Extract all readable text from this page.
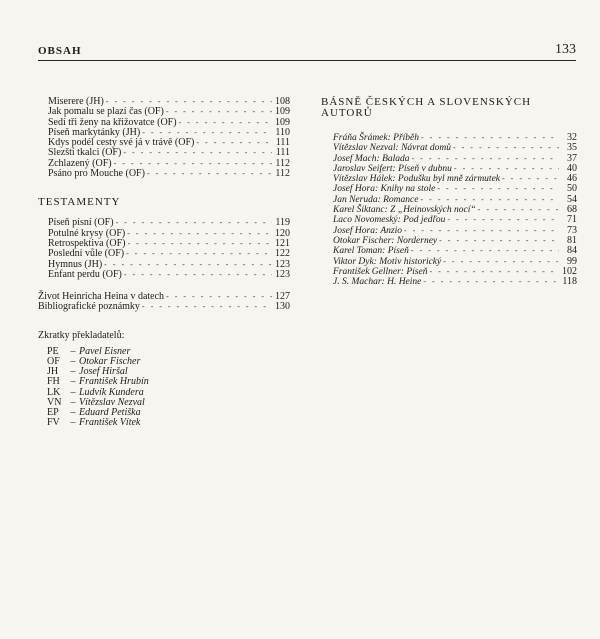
OBSAH	133
Miserere (JH) - - -	108
Jak pomalu se plazí čas (OF) - - -	109
Sedí tři ženy na křižovatce (OF) - - -	109
Píseň markytánky (JH) - - -	110
Kdys podél cesty své já v trávě (OF) - - -	111
Slezští tkalci (OF) - - -	111
Zchlazený (OF) - - -	112
Psáno pro Mouche (OF) - - -	112
TESTAMENTY
Píseň písní (OF) - - -	119
Potulné krysy (OF) - - -	120
Retrospektiva (OF) - - -	121
Poslední vůle (OF) - - -	122
Hymnus (JH) - - -	123
Enfant perdu (OF) - - -	123
Život Heinricha Heina v datech - - -	127
Bibliografické poznámky - - -	130
Zkratky překladatelů:
PE	– Pavel Eisner
OF	– Otokar Fischer
JH	– Josef Hiršal
FH	– František Hrubín
LK	– Ludvík Kundera
VN – Vítězslav Nezval
EP	– Eduard Petiška
FV	– František Vítek
BÁSNĚ ČESKÝCH A SLOVENSKÝCH
AUTORŮ
Fráňa Šrámek: Příběh - - -	32
Vítězslav Nezval: Návrat domů - - -	35
Josef Mach: Balada - - -	37
Jaroslav Seifert: Píseň v dubnu - - -	40
Vítězslav Hálek: Podušku byl mně zármutek - - -	46
Josef Hora: Knihy na stole - - -	50
Jan Neruda: Romance - - -	54
Karel Šiktanc: Z „Heinovských nocí“ - - -	68
Laco Novomeský: Pod jedľou - - -	71
Josef Hora: Anzio - - -	73
Otokar Fischer: Norderney - - -	81
Karel Toman: Píseň - - -	84
Viktor Dyk: Motiv historický - - -	99
František Gellner: Píseň - - -	102
J. S. Machar: H. Heine - - -	118
